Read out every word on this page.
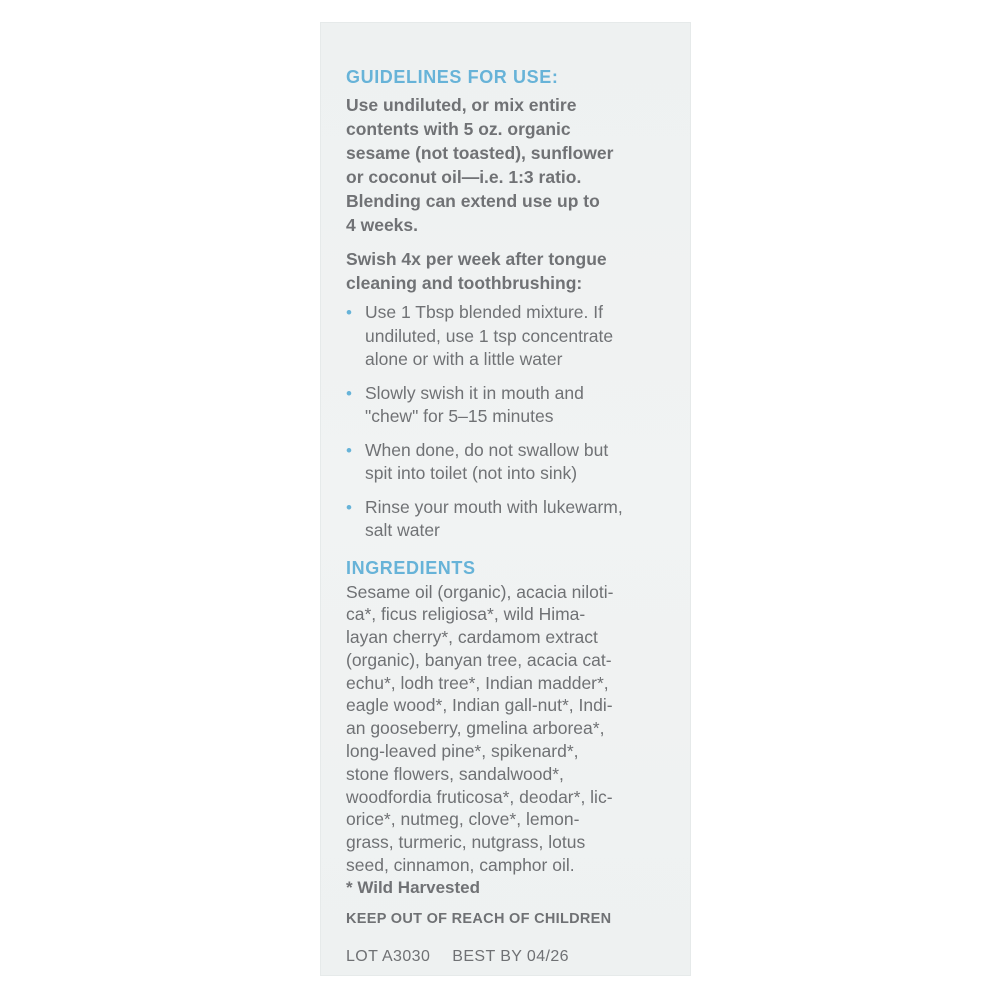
GUIDELINES FOR USE:

Use undiluted, or mix entire
contents with 5 oz. organic
sesame (not toasted), sunflower
or coconut oil—i.e. 1:3 ratio.
Blending can extend use up to
4 weeks.

Swish 4x per week after tongue
cleaning and toothbrushing:

• Use 1 Tbsp blended mixture. If
undiluted, use 1 tsp concentrate
alone or with a little water
• Slowly swish it in mouth and
"chew" for 5–15 minutes
• When done, do not swallow but
spit into toilet (not into sink)
• Rinse your mouth with lukewarm,
salt water
INGREDIENTS

Sesame oil (organic), acacia niloti-
ca*, ficus religiosa*, wild Hima-
layan cherry*, cardamom extract
(organic), banyan tree, acacia cat-
echu*, lodh tree*, Indian madder*,
eagle wood*, Indian gall-nut*, Indi-
an gooseberry, gmelina arborea*,
long-leaved pine*, spikenard*,
stone flowers, sandalwood*,
woodfordia fruticosa*, deodar*, lic-
orice*, nutmeg, clove*, lemon-
grass, turmeric, nutgrass, lotus
seed, cinnamon, camphor oil.

* Wild Harvested

KEEP OUT OF REACH OF CHILDREN

LOT A3030 BEST BY 04/26
